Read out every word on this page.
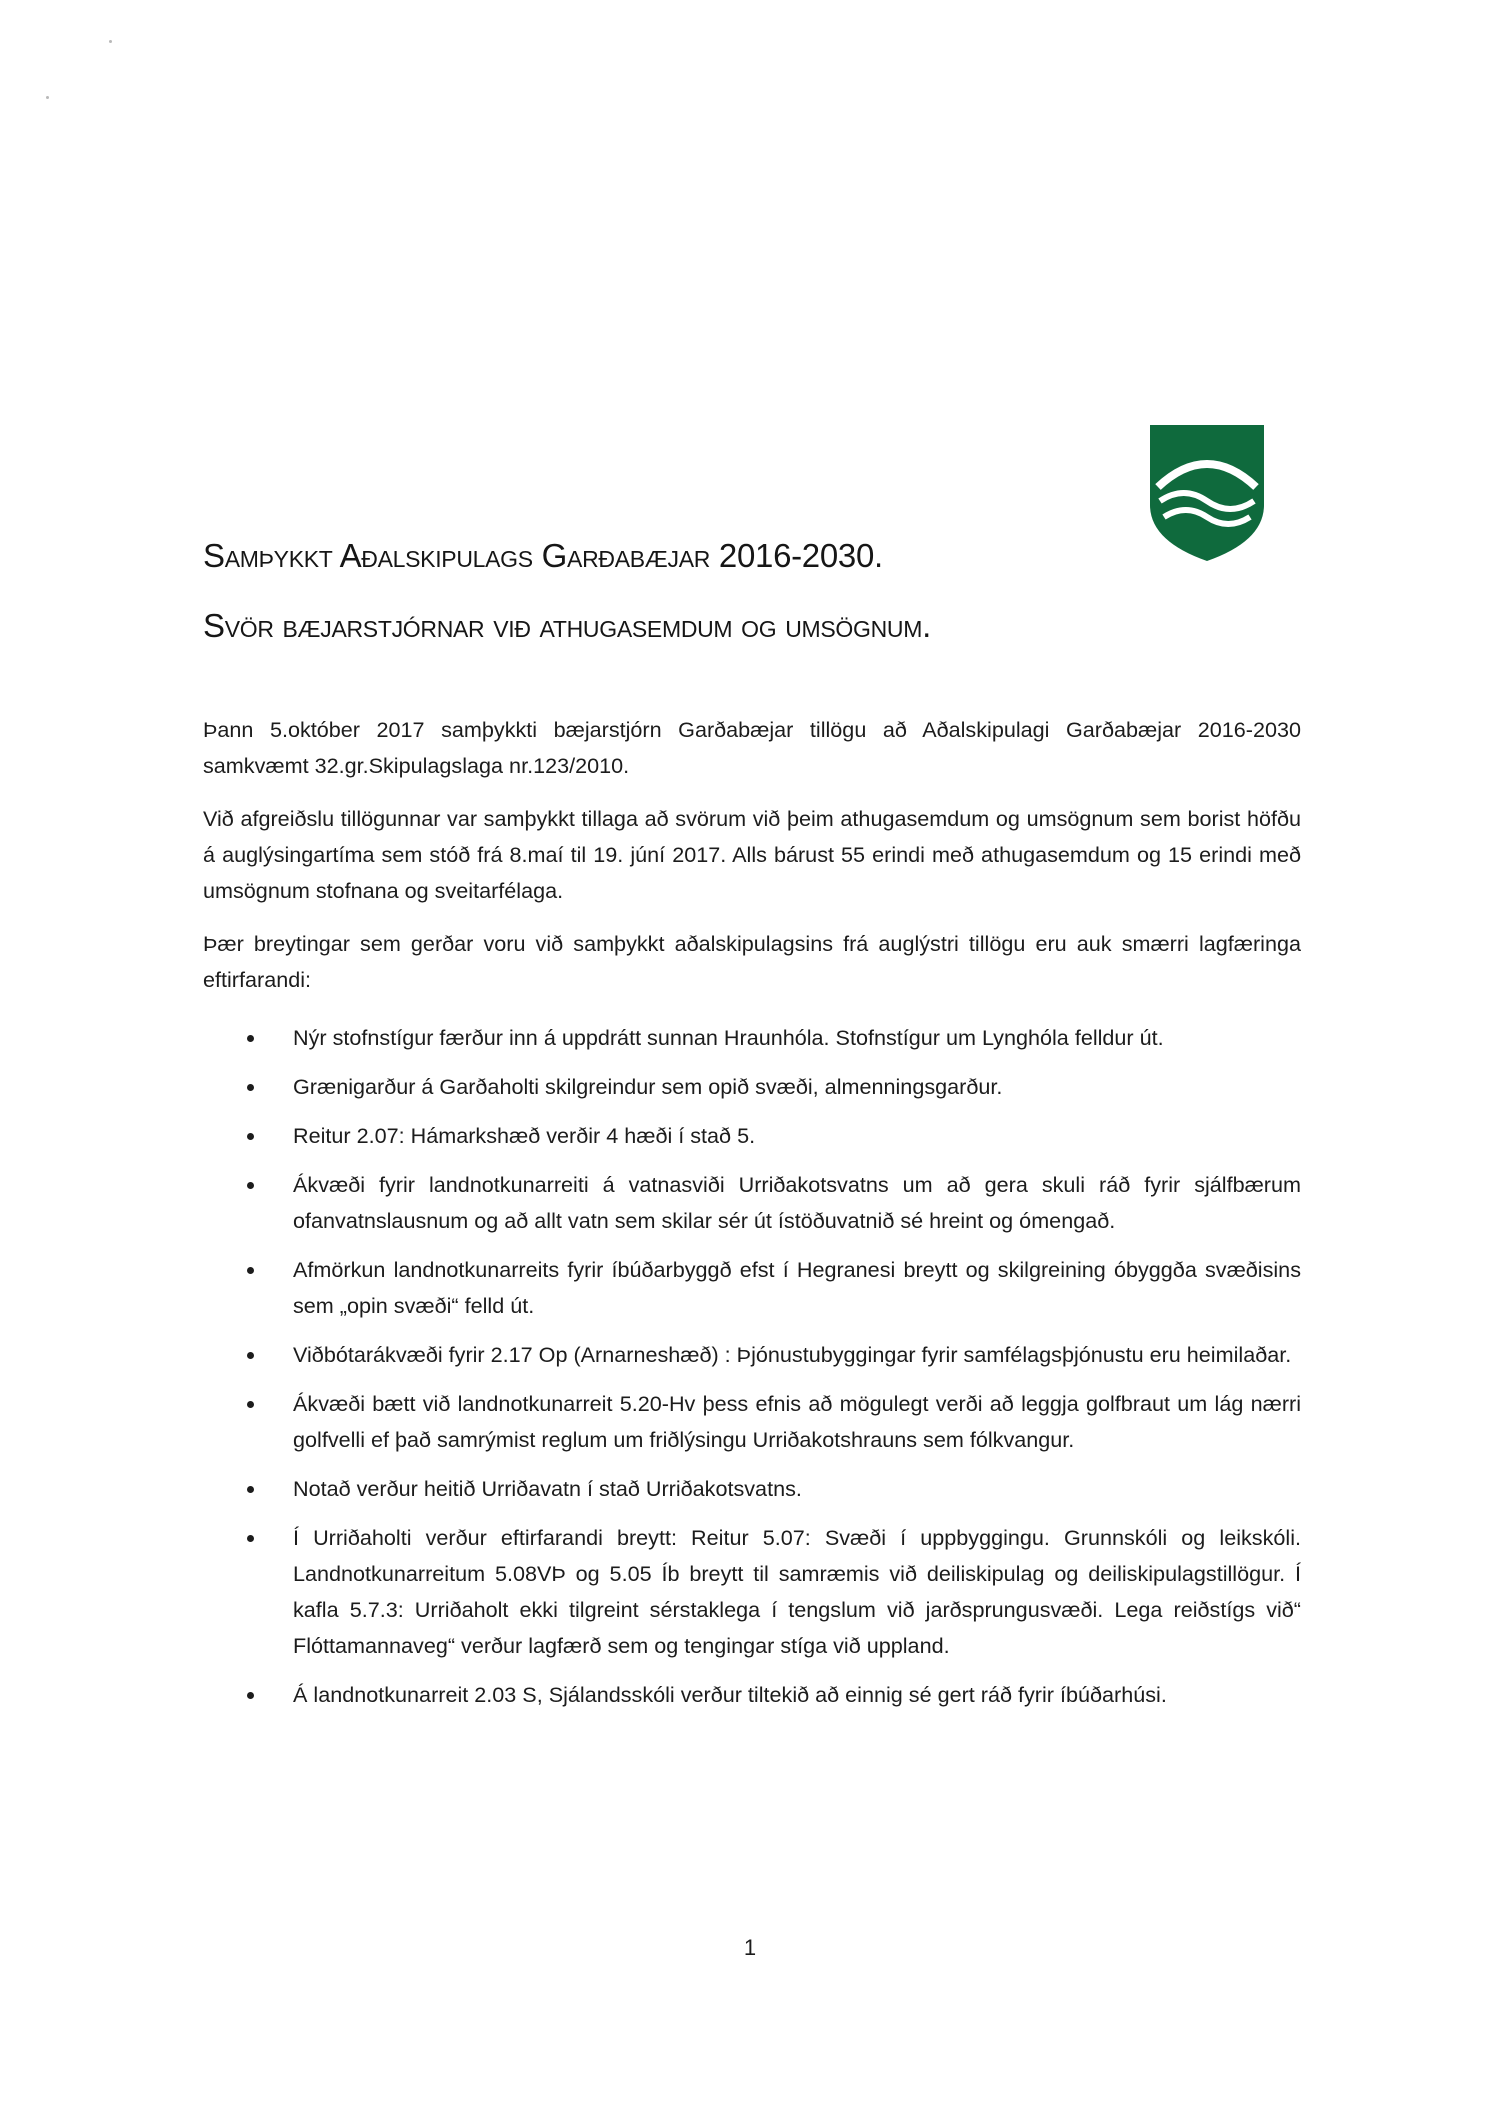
Samþykkt Aðalskipulags Garðabæjar 2016-2030.
Svör bæjarstjórnar við athugasemdum og umsögnum.

Þann 5.október 2017 samþykkti bæjarstjórn Garðabæjar tillögu að Aðalskipulagi Garðabæjar 2016-2030 samkvæmt 32.gr.Skipulagslaga nr.123/2010.

Við afgreiðslu tillögunnar var samþykkt tillaga að svörum við þeim athugasemdum og umsögnum sem borist höfðu á auglýsingartíma sem stóð frá 8.maí til 19. júní 2017. Alls bárust 55 erindi með athugasemdum og 15 erindi með umsögnum stofnana og sveitarfélaga.

Þær breytingar sem gerðar voru við samþykkt aðalskipulagsins frá auglýstri tillögu eru auk smærri lagfæringa eftirfarandi:

Nýr stofnstígur færður inn á uppdrátt sunnan Hraunhóla. Stofnstígur um Lynghóla felldur út.
Grænigarður á Garðaholti skilgreindur sem opið svæði, almenningsgarður.
Reitur 2.07: Hámarkshæð verðir 4 hæði í stað 5.
Ákvæði fyrir landnotkunarreiti á vatnasviði Urriðakotsvatns um að gera skuli ráð fyrir sjálfbærum ofanvatnslausnum og að allt vatn sem skilar sér út ístöðuvatnið sé hreint og ómengað.
Afmörkun landnotkunarreits fyrir íbúðarbyggð efst í Hegranesi breytt og skilgreining óbyggða svæðisins sem „opin svæði“ felld út.
Viðbótarákvæði fyrir 2.17 Op (Arnarneshæð) : Þjónustubyggingar fyrir samfélagsþjónustu eru heimilaðar.
Ákvæði bætt við landnotkunarreit 5.20-Hv þess efnis að mögulegt verði að leggja golfbraut um lág nærri golfvelli ef það samrýmist reglum um friðlýsingu Urriðakotshrauns sem fólkvangur.
Notað verður heitið Urriðavatn í stað Urriðakotsvatns.
Í Urriðaholti verður eftirfarandi breytt: Reitur 5.07: Svæði í uppbyggingu. Grunnskóli og leikskóli. Landnotkunarreitum 5.08VÞ og 5.05 Íb breytt til samræmis við deiliskipulag og deiliskipulagstillögur. Í kafla 5.7.3: Urriðaholt ekki tilgreint sérstaklega í tengslum við jarðsprungusvæði. Lega reiðstígs við“ Flóttamannaveg“ verður lagfærð sem og tengingar stíga við uppland.
Á landnotkunarreit 2.03 S, Sjálandsskóli verður tiltekið að einnig sé gert ráð fyrir íbúðarhúsi.
1
